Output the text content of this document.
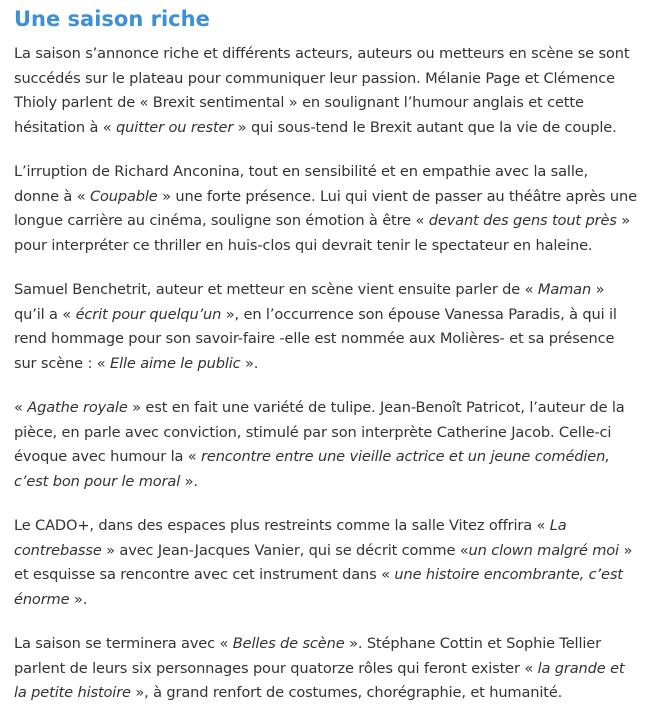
Une saison riche

La saison s’annonce riche et différents acteurs, auteurs ou metteurs en scène se sont succédés sur le plateau pour communiquer leur passion. Mélanie Page et Clémence Thioly parlent de « Brexit sentimental » en soulignant l’humour anglais et cette hésitation à « quitter ou rester » qui sous-tend le Brexit autant que la vie de couple.

L’irruption de Richard Anconina, tout en sensibilité et en empathie avec la salle, donne à « Coupable » une forte présence. Lui qui vient de passer au théâtre après une longue carrière au cinéma, souligne son émotion à être « devant des gens tout près » pour interpréter ce thriller en huis-clos qui devrait tenir le spectateur en haleine.

Samuel Benchetrit, auteur et metteur en scène vient ensuite parler de « Maman » qu’il a « écrit pour quelqu’un », en l’occurrence son épouse Vanessa Paradis, à qui il rend hommage pour son savoir-faire -elle est nommée aux Molières- et sa présence sur scène : « Elle aime le public ».

« Agathe royale » est en fait une variété de tulipe. Jean-Benoît Patricot, l’auteur de la pièce, en parle avec conviction, stimulé par son interprète Catherine Jacob. Celle-ci évoque avec humour la « rencontre entre une vieille actrice et un jeune comédien, c’est bon pour le moral ».

Le CADO+, dans des espaces plus restreints comme la salle Vitez offrira « La contrebasse » avec Jean-Jacques Vanier, qui se décrit comme «un clown malgré moi » et esquisse sa rencontre avec cet instrument dans « une histoire encombrante, c’est énorme ».

La saison se terminera avec « Belles de scène ». Stéphane Cottin et Sophie Tellier parlent de leurs six personnages pour quatorze rôles qui feront exister « la grande et la petite histoire », à grand renfort de costumes, chorégraphie, et humanité.
